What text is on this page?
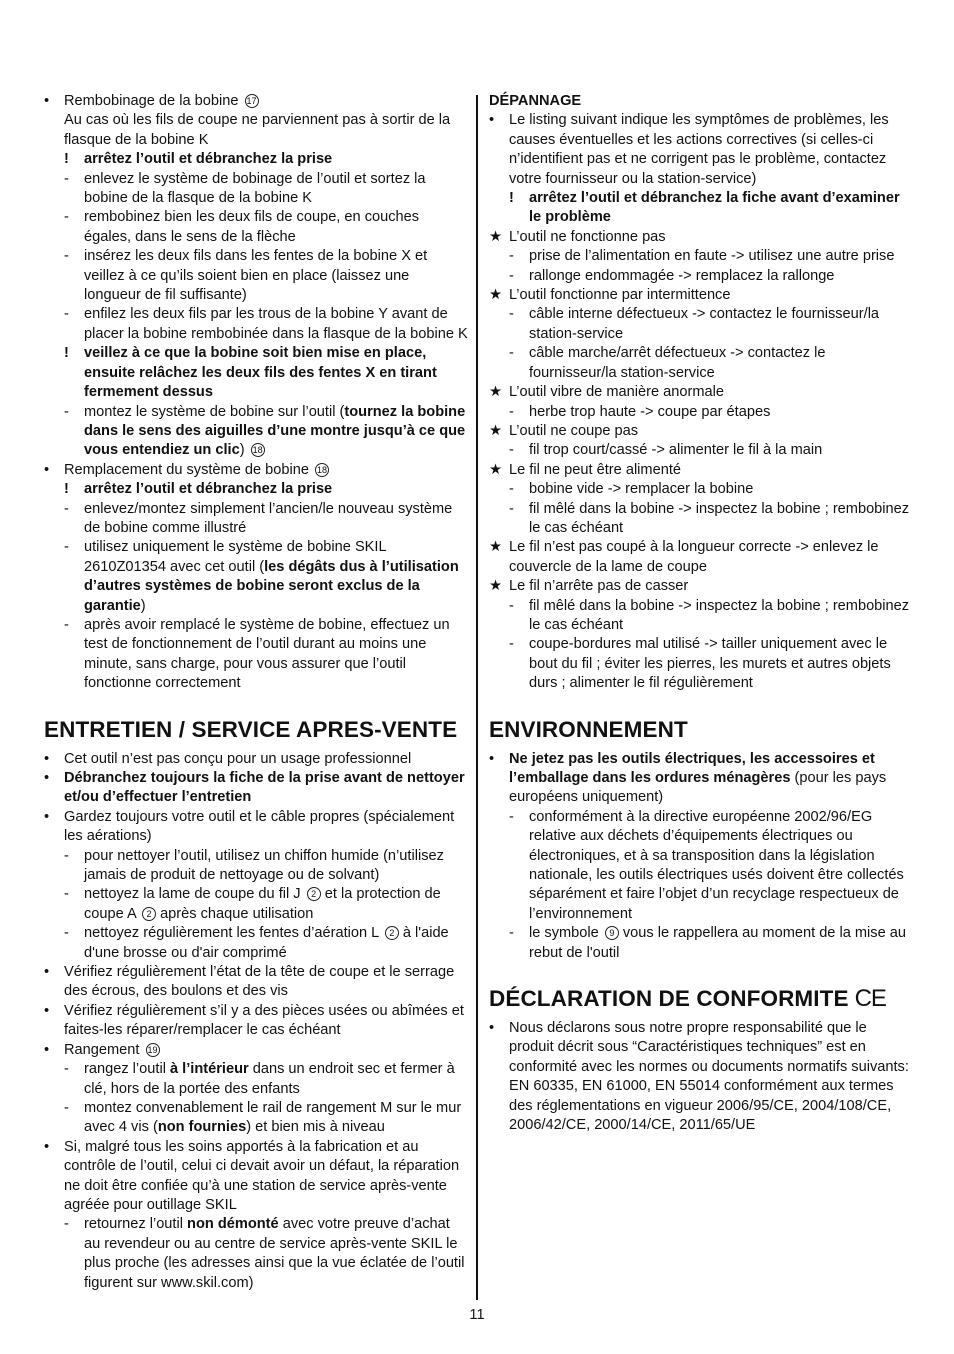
•	Rembobinage de la bobine 17
Au cas où les fils de coupe ne parviennent pas à sortir de la flasque de la bobine K
!	arrêtez l’outil et débranchez la prise
-	enlevez le système de bobinage de l’outil et sortez la bobine de la flasque de la bobine K
-	rembobinez bien les deux fils de coupe, en couches égales, dans le sens de la flèche
-	insérez les deux fils dans les fentes de la bobine X et veillez à ce qu’ils soient bien en place (laissez une longueur de fil suffisante)
-	enfilez les deux fils par les trous de la bobine Y avant de placer la bobine rembobinée dans la flasque de la bobine K
!	veillez à ce que la bobine soit bien mise en place, ensuite relâchez les deux fils des fentes X en tirant fermement dessus
-	montez le système de bobine sur l’outil (tournez la bobine dans le sens des aiguilles d’une montre jusqu’à ce que vous entendiez un clic) 18
•	Remplacement du système de bobine 18
!	arrêtez l’outil et débranchez la prise
-	enlevez/montez simplement l’ancien/le nouveau système de bobine comme illustré
-	utilisez uniquement le système de bobine SKIL 2610Z01354 avec cet outil (les dégâts dus à l’utilisation d’autres systèmes de bobine seront exclus de la garantie)
-	après avoir remplacé le système de bobine, effectuez un test de fonctionnement de l’outil durant au moins une minute, sans charge, pour vous assurer que l’outil fonctionne correctement
ENTRETIEN / SERVICE APRES-VENTE
•	Cet outil n’est pas conçu pour un usage professionnel
•	Débranchez toujours la fiche de la prise avant de nettoyer et/ou d’effectuer l’entretien
•	Gardez toujours votre outil et le câble propres (spécialement les aérations)
-	pour nettoyer l’outil, utilisez un chiffon humide (n’utilisez jamais de produit de nettoyage ou de solvant)
-	nettoyez la lame de coupe du fil J 2 et la protection de coupe A 2 après chaque utilisation
-	nettoyez régulièrement les fentes d’aération L 2 à l'aide d'une brosse ou d'air comprimé
•	Vérifiez régulièrement l’état de la tête de coupe et le serrage des écrous, des boulons et des vis
•	Vérifiez régulièrement s’il y a des pièces usées ou abîmées et faites-les réparer/remplacer le cas échéant
•	Rangement 19
-	rangez l’outil à l’intérieur dans un endroit sec et fermer à clé, hors de la portée des enfants
-	montez convenablement le rail de rangement M sur le mur avec 4 vis (non fournies) et bien mis à niveau
•	Si, malgré tous les soins apportés à la fabrication et au contrôle de l’outil, celui ci devait avoir un défaut, la réparation ne doit être confiée qu’à une station de service après-vente agréée pour outillage SKIL
-	retournez l’outil non démonté avec votre preuve d’achat au revendeur ou au centre de service après-vente SKIL le plus proche (les adresses ainsi que la vue éclatée de l’outil figurent sur www.skil.com)
DÉPANNAGE
•	Le listing suivant indique les symptômes de problèmes, les causes éventuelles et les actions correctives (si celles-ci n’identifient pas et ne corrigent pas le problème, contactez votre fournisseur ou la station-service)
!	arrêtez l’outil et débranchez la fiche avant d’examiner le problème
★ L’outil ne fonctionne pas
-	prise de l’alimentation en faute -> utilisez une autre prise
-	rallonge endommagée -> remplacez la rallonge
★ L’outil fonctionne par intermittence
-	câble interne défectueux -> contactez le fournisseur/la station-service
-	câble marche/arrêt défectueux -> contactez le fournisseur/la station-service
★ L’outil vibre de manière anormale
-	herbe trop haute -> coupe par étapes
★ L’outil ne coupe pas
-	fil trop court/cassé -> alimenter le fil à la main
★ Le fil ne peut être alimenté
-	bobine vide -> remplacer la bobine
-	fil mêlé dans la bobine -> inspectez la bobine ; rembobinez le cas échéant
★ Le fil n’est pas coupé à la longueur correcte -> enlevez le couvercle de la lame de coupe
★ Le fil n’arrête pas de casser
-	fil mêlé dans la bobine -> inspectez la bobine ; rembobinez le cas échéant
-	coupe-bordures mal utilisé -> tailler uniquement avec le bout du fil ; éviter les pierres, les murets et autres objets durs ; alimenter le fil régulièrement
ENVIRONNEMENT
•	Ne jetez pas les outils électriques, les accessoires et l’emballage dans les ordures ménagères (pour les pays européens uniquement)
-	conformément à la directive européenne 2002/96/EG relative aux déchets d’équipements électriques ou électroniques, et à sa transposition dans la législation nationale, les outils électriques usés doivent être collectés séparément et faire l’objet d’un recyclage respectueux de l’environnement
-	le symbole 9 vous le rappellera au moment de la mise au rebut de l'outil
DÉCLARATION DE CONFORMITE CE
•	Nous déclarons sous notre propre responsabilité que le produit décrit sous “Caractéristiques techniques” est en conformité avec les normes ou documents normatifs suivants: EN 60335, EN 61000, EN 55014 conformément aux termes des réglementations en vigueur 2006/95/CE, 2004/108/CE, 2006/42/CE, 2000/14/CE, 2011/65/UE
11
